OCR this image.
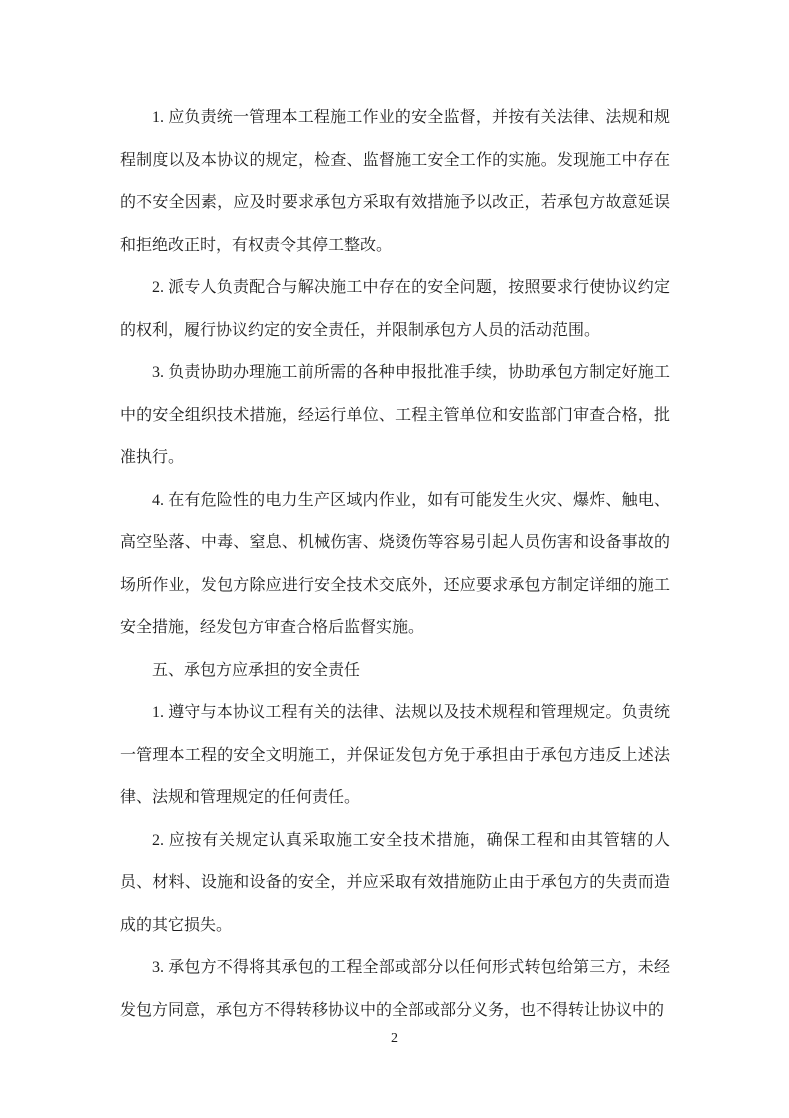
1. 应负责统一管理本工程施工作业的安全监督，并按有关法律、法规和规程制度以及本协议的规定，检查、监督施工安全工作的实施。发现施工中存在的不安全因素，应及时要求承包方采取有效措施予以改正，若承包方故意延误和拒绝改正时，有权责令其停工整改。

2. 派专人负责配合与解决施工中存在的安全问题，按照要求行使协议约定的权利，履行协议约定的安全责任，并限制承包方人员的活动范围。

3. 负责协助办理施工前所需的各种申报批准手续，协助承包方制定好施工中的安全组织技术措施，经运行单位、工程主管单位和安监部门审查合格，批准执行。

4. 在有危险性的电力生产区域内作业，如有可能发生火灾、爆炸、触电、高空坠落、中毒、窒息、机械伤害、烧烫伤等容易引起人员伤害和设备事故的场所作业，发包方除应进行安全技术交底外，还应要求承包方制定详细的施工安全措施，经发包方审查合格后监督实施。

五、承包方应承担的安全责任

1. 遵守与本协议工程有关的法律、法规以及技术规程和管理规定。负责统一管理本工程的安全文明施工，并保证发包方免于承担由于承包方违反上述法律、法规和管理规定的任何责任。

2. 应按有关规定认真采取施工安全技术措施，确保工程和由其管辖的人员、材料、设施和设备的安全，并应采取有效措施防止由于承包方的失责而造成的其它损失。

3. 承包方不得将其承包的工程全部或部分以任何形式转包给第三方，未经发包方同意，承包方不得转移协议中的全部或部分义务，也不得转让协议中的

2
